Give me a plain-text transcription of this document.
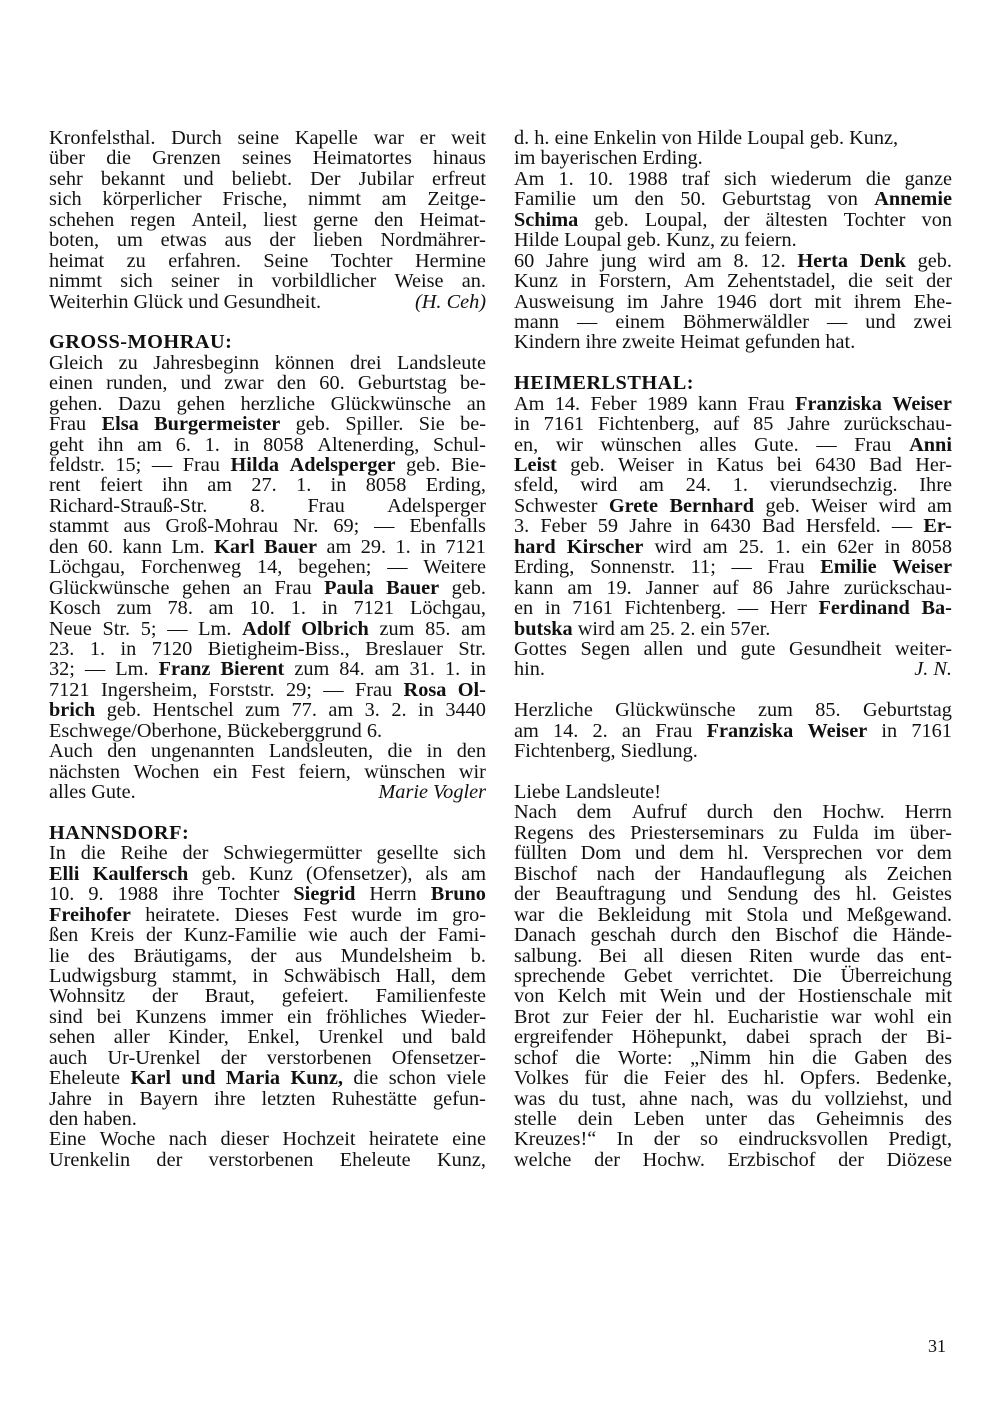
Kronfelsthal. Durch seine Kapelle war er weit
über die Grenzen seines Heimatortes hinaus
sehr bekannt und beliebt. Der Jubilar erfreut
sich körperlicher Frische, nimmt am Zeitge-
schehen regen Anteil, liest gerne den Heimat-
boten, um etwas aus der lieben Nordmährer-
heimat zu erfahren. Seine Tochter Hermine
nimmt sich seiner in vorbildlicher Weise an.
Weiterhin Glück und Gesundheit.	(H. Ceh)
GROSS-MOHRAU:
Gleich zu Jahresbeginn können drei Landsleute
einen runden, und zwar den 60. Geburtstag be-
gehen. Dazu gehen herzliche Glückwünsche an
Frau Elsa Burgermeister geb. Spiller. Sie be-
geht ihn am 6. 1. in 8058 Altenerding, Schul-
feldstr. 15; — Frau Hilda Adelsperger geb. Bie-
rent feiert ihn am 27. 1. in 8058 Erding,
Richard-Strauß-Str. 8. Frau Adelsperger
stammt aus Groß-Mohrau Nr. 69; — Ebenfalls
den 60. kann Lm. Karl Bauer am 29. 1. in 7121
Löchgau, Forchenweg 14, begehen; — Weitere
Glückwünsche gehen an Frau Paula Bauer geb.
Kosch zum 78. am 10. 1. in 7121 Löchgau,
Neue Str. 5; — Lm. Adolf Olbrich zum 85. am
23. 1. in 7120 Bietigheim-Biss., Breslauer Str.
32; — Lm. Franz Bierent zum 84. am 31. 1. in
7121 Ingersheim, Forststr. 29; — Frau Rosa Ol-
brich geb. Hentschel zum 77. am 3. 2. in 3440
Eschwege/Oberhone, Bückeberggrund 6.
Auch den ungenannten Landsleuten, die in den
nächsten Wochen ein Fest feiern, wünschen wir
alles Gute.	Marie Vogler
HANNSDORF:
In die Reihe der Schwiegermütter gesellte sich
Elli Kaulfersch geb. Kunz (Ofensetzer), als am
10. 9. 1988 ihre Tochter Siegrid Herrn Bruno
Freihofer heiratete. Dieses Fest wurde im gro-
ßen Kreis der Kunz-Familie wie auch der Fami-
lie des Bräutigams, der aus Mundelsheim b.
Ludwigsburg stammt, in Schwäbisch Hall, dem
Wohnsitz der Braut, gefeiert. Familienfeste
sind bei Kunzens immer ein fröhliches Wieder-
sehen aller Kinder, Enkel, Urenkel und bald
auch Ur-Urenkel der verstorbenen Ofensetzer-
Eheleute Karl und Maria Kunz, die schon viele
Jahre in Bayern ihre letzten Ruhestätte gefun-
den haben.
Eine Woche nach dieser Hochzeit heiratete eine
Urenkelin der verstorbenen Eheleute Kunz,
d. h. eine Enkelin von Hilde Loupal geb. Kunz,
im bayerischen Erding.
Am 1. 10. 1988 traf sich wiederum die ganze
Familie um den 50. Geburtstag von Annemie
Schima geb. Loupal, der ältesten Tochter von
Hilde Loupal geb. Kunz, zu feiern.
60 Jahre jung wird am 8. 12. Herta Denk geb.
Kunz in Forstern, Am Zehentstadel, die seit der
Ausweisung im Jahre 1946 dort mit ihrem Ehe-
mann — einem Böhmerwäldler — und zwei
Kindern ihre zweite Heimat gefunden hat.
HEIMERLSTHAL:
Am 14. Feber 1989 kann Frau Franziska Weiser
in 7161 Fichtenberg, auf 85 Jahre zurückschau-
en, wir wünschen alles Gute. — Frau Anni
Leist geb. Weiser in Katus bei 6430 Bad Her-
sfeld, wird am 24. 1. vierundsechzig. Ihre
Schwester Grete Bernhard geb. Weiser wird am
3. Feber 59 Jahre in 6430 Bad Hersfeld. — Er-
hard Kirscher wird am 25. 1. ein 62er in 8058
Erding, Sonnenstr. 11; — Frau Emilie Weiser
kann am 19. Janner auf 86 Jahre zurückschau-
en in 7161 Fichtenberg. — Herr Ferdinand Ba-
butska wird am 25. 2. ein 57er.
Gottes Segen allen und gute Gesundheit weiter-
hin.	J. N.
Herzliche Glückwünsche zum 85. Geburtstag
am 14. 2. an Frau Franziska Weiser in 7161
Fichtenberg, Siedlung.
Liebe Landsleute!
Nach dem Aufruf durch den Hochw. Herrn
Regens des Priesterseminars zu Fulda im über-
füllten Dom und dem hl. Versprechen vor dem
Bischof nach der Handauflegung als Zeichen
der Beauftragung und Sendung des hl. Geistes
war die Bekleidung mit Stola und Meßgewand.
Danach geschah durch den Bischof die Hände-
salbung. Bei all diesen Riten wurde das ent-
sprechende Gebet verrichtet. Die Überreichung
von Kelch mit Wein und der Hostienschale mit
Brot zur Feier der hl. Eucharistie war wohl ein
ergreifender Höhepunkt, dabei sprach der Bi-
schof die Worte: „Nimm hin die Gaben des
Volkes für die Feier des hl. Opfers. Bedenke,
was du tust, ahne nach, was du vollziehst, und
stelle dein Leben unter das Geheimnis des
Kreuzes!“ In der so eindrucksvollen Predigt,
welche der Hochw. Erzbischof der Diözese
31
